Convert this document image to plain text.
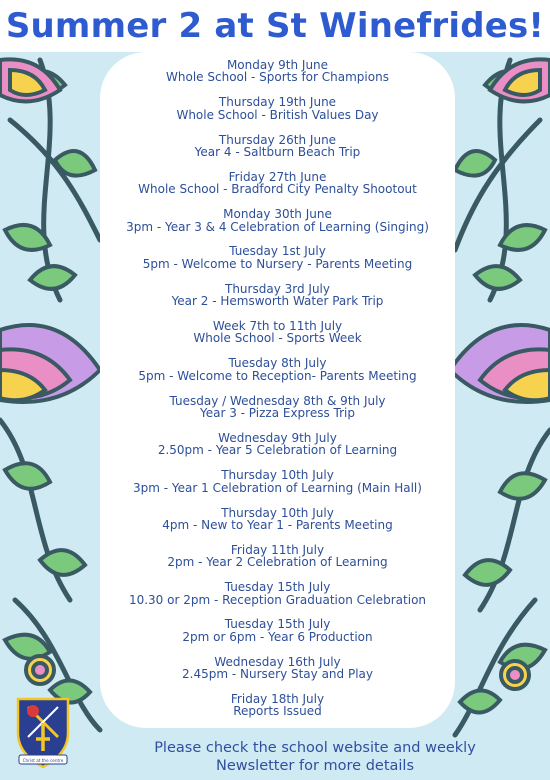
Summer 2 at St Winefrides!
Monday 9th June
Whole School - Sports for Champions
Thursday 19th June
Whole School - British Values Day
Thursday 26th June
Year 4 - Saltburn Beach Trip
Friday 27th June
Whole School - Bradford City Penalty Shootout
Monday 30th June
3pm - Year 3 & 4 Celebration of Learning (Singing)
Tuesday 1st July
5pm - Welcome to Nursery - Parents Meeting
Thursday 3rd July
Year 2 - Hemsworth Water Park Trip
Week 7th to 11th July
Whole School - Sports Week
Tuesday 8th July
5pm - Welcome to Reception- Parents Meeting
Tuesday / Wednesday 8th & 9th July
Year 3 - Pizza Express Trip
Wednesday 9th July
2.50pm - Year 5 Celebration of Learning
Thursday 10th July
3pm - Year 1 Celebration of Learning (Main Hall)
Thursday 10th July
4pm - New to Year 1 - Parents Meeting
Friday 11th July
2pm - Year 2 Celebration of Learning
Tuesday 15th July
10.30 or 2pm - Reception Graduation Celebration
Tuesday 15th July
2pm or 6pm - Year 6 Production
Wednesday 16th July
2.45pm - Nursery Stay and Play
Friday 18th July
Reports Issued
Christ at the centre
Please check the school website and weekly
Newsletter for more details
